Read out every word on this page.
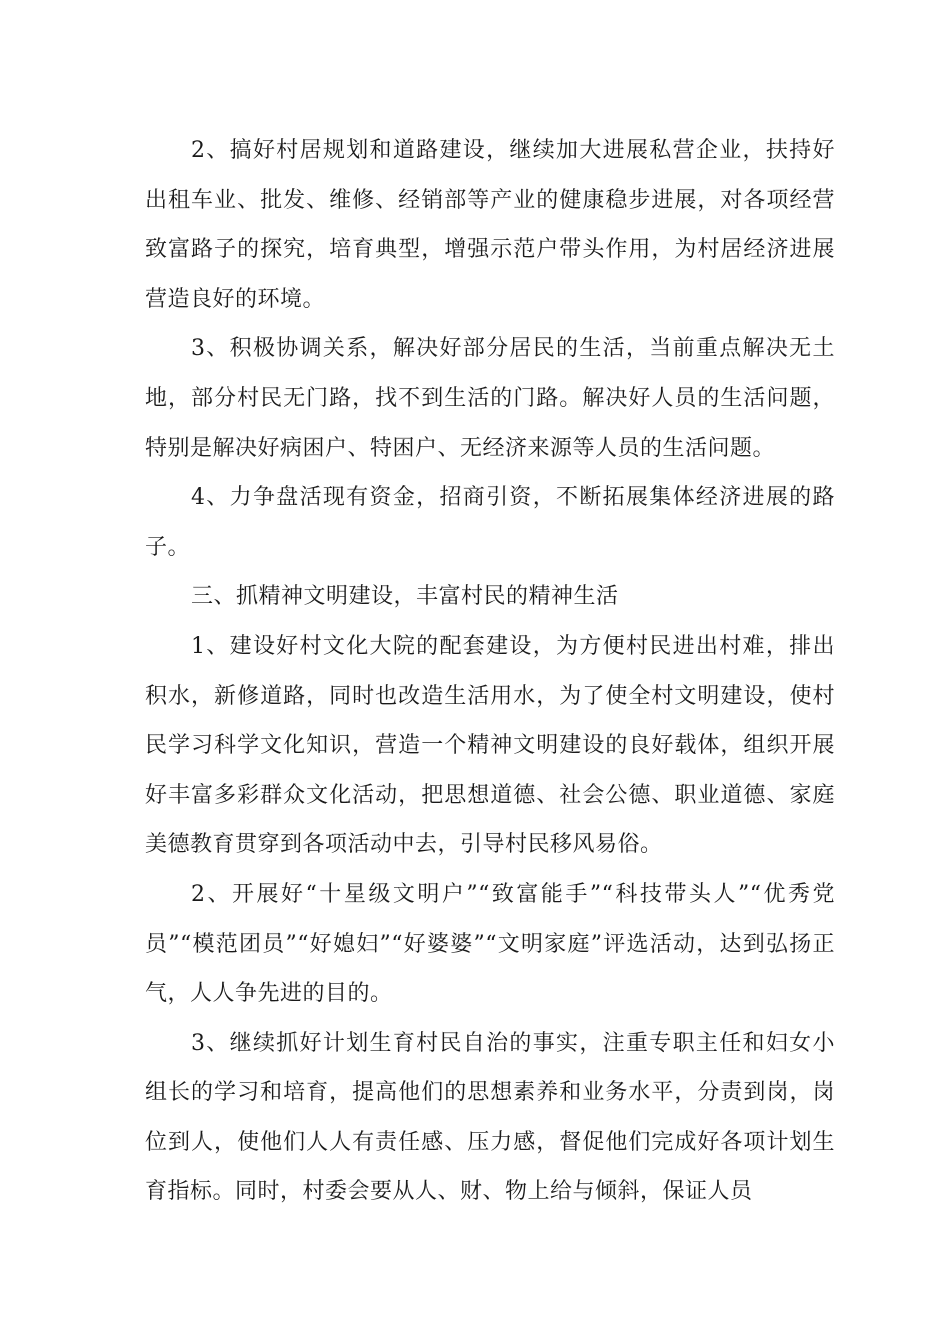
2、搞好村居规划和道路建设，继续加大进展私营企业，扶持好出租车业、批发、维修、经销部等产业的健康稳步进展，对各项经营致富路子的探究，培育典型，增强示范户带头作用，为村居经济进展营造良好的环境。

3、积极协调关系，解决好部分居民的生活，当前重点解决无土地，部分村民无门路，找不到生活的门路。解决好人员的生活问题，特别是解决好病困户、特困户、无经济来源等人员的生活问题。

4、力争盘活现有资金，招商引资，不断拓展集体经济进展的路子。

三、抓精神文明建设，丰富村民的精神生活

1、建设好村文化大院的配套建设，为方便村民进出村难，排出积水，新修道路，同时也改造生活用水，为了使全村文明建设，使村民学习科学文化知识，营造一个精神文明建设的良好载体，组织开展好丰富多彩群众文化活动，把思想道德、社会公德、职业道德、家庭美德教育贯穿到各项活动中去，引导村民移风易俗。

2、开展好“十星级文明户”“致富能手”“科技带头人”“优秀党员”“模范团员”“好媳妇”“好婆婆”“文明家庭”评选活动，达到弘扬正气，人人争先进的目的。

3、继续抓好计划生育村民自治的事实，注重专职主任和妇女小组长的学习和培育，提高他们的思想素养和业务水平，分责到岗，岗位到人，使他们人人有责任感、压力感，督促他们完成好各项计划生育指标。同时，村委会要从人、财、物上给与倾斜，保证人员
